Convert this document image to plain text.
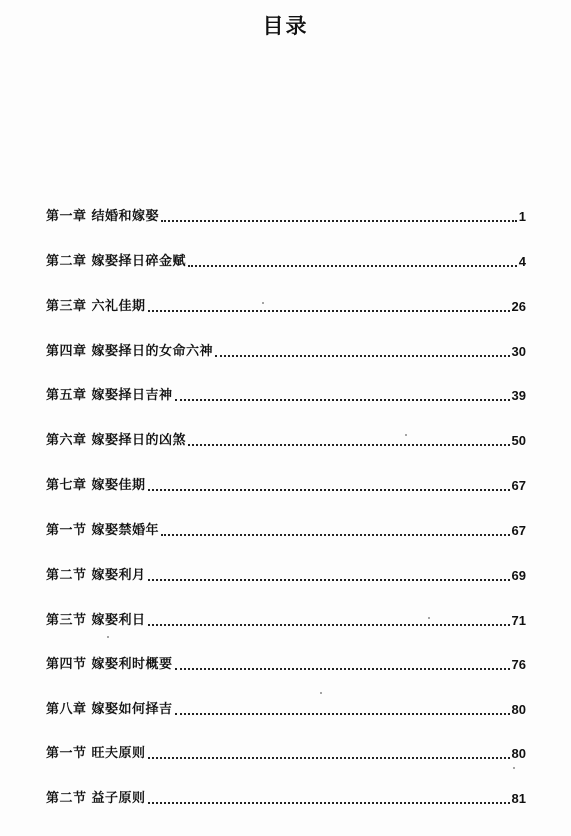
目录
第一章 结婚和嫁娶	1
第二章 嫁娶择日碎金赋	4
第三章 六礼佳期	26
第四章 嫁娶择日的女命六神	30
第五章 嫁娶择日吉神	39
第六章 嫁娶择日的凶煞	50
第七章 嫁娶佳期	67
第一节 嫁娶禁婚年	67
第二节 嫁娶利月	69
第三节 嫁娶利日	71
第四节 嫁娶利时概要	76
第八章 嫁娶如何择吉	80
第一节 旺夫原则	80
第二节 益子原则	81
